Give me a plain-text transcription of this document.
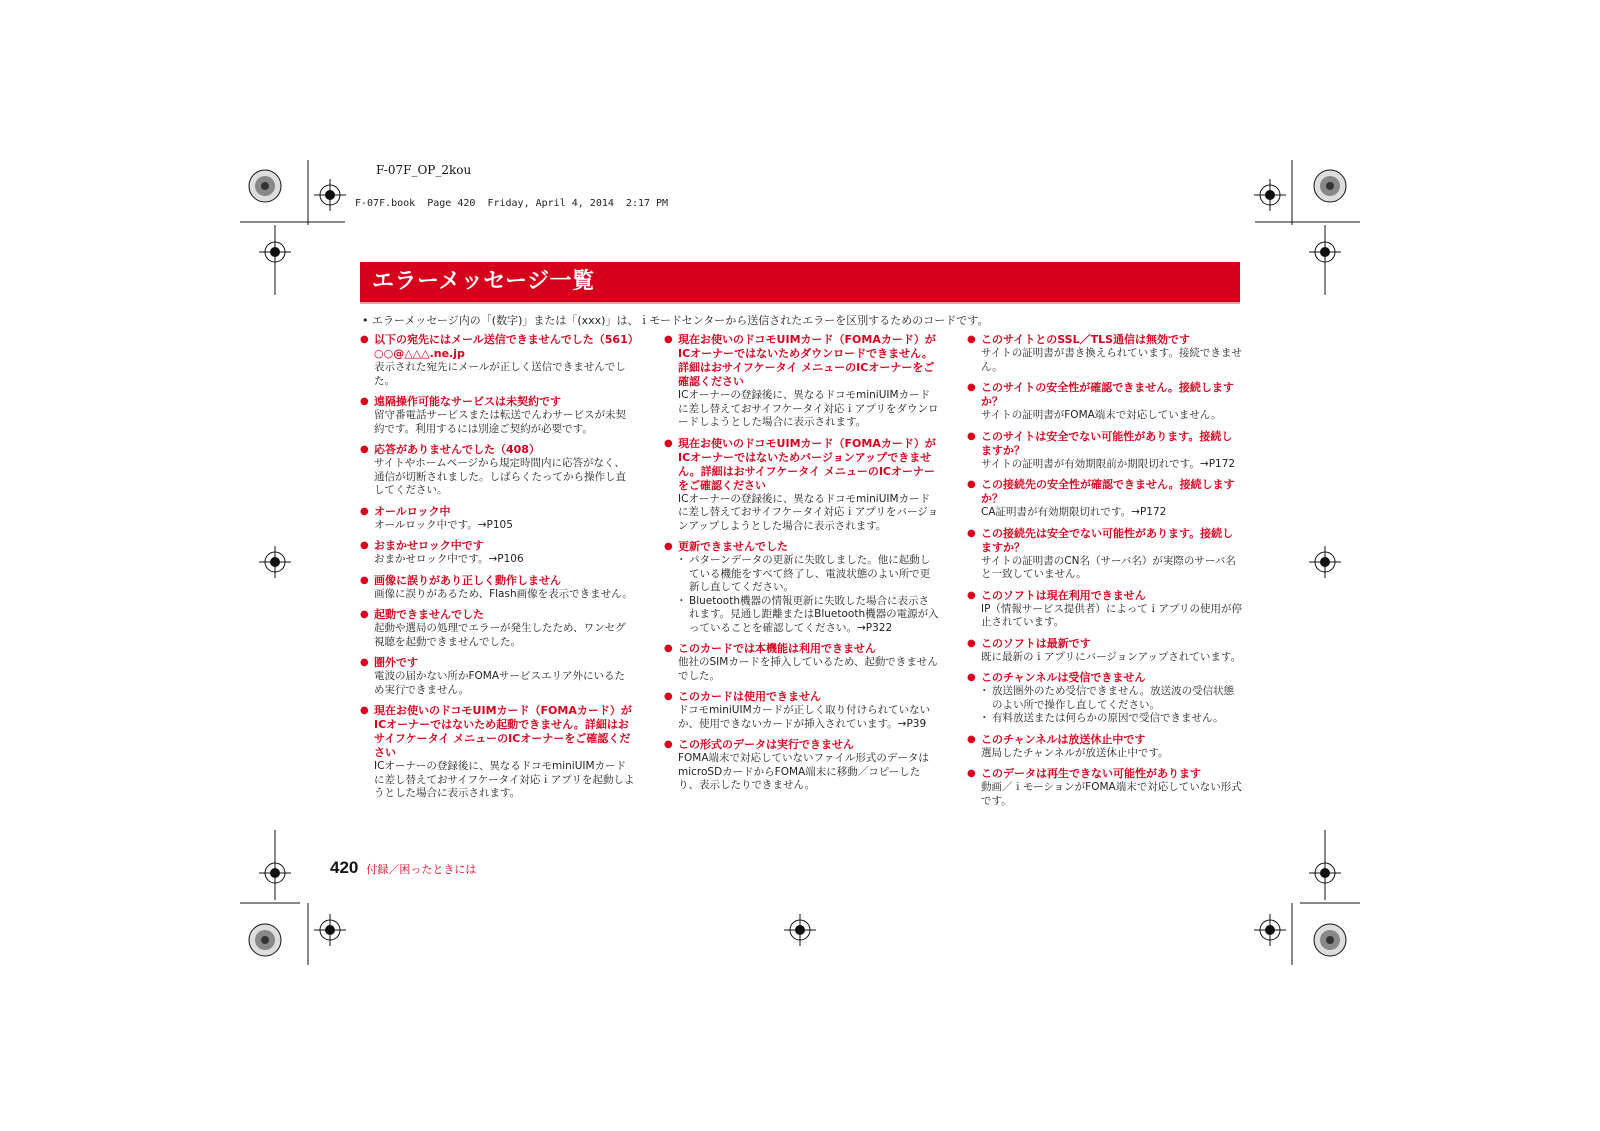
F-07F_OP_2kou
F-07F.book  Page 420  Friday, April 4, 2014  2:17 PM
エラーメッセージ一覧
• エラーメッセージ内の「(数字)」または「(xxx)」は、ｉモードセンターから送信されたエラーを区別するためのコードです。
● 以下の宛先にはメール送信できませんでした（561）○○@△△△.ne.jp
表示された宛先にメールが正しく送信できませんでした。
● 遠隔操作可能なサービスは未契約です
留守番電話サービスまたは転送でんわサービスが未契約です。利用するには別途ご契約が必要です。
● 応答がありませんでした（408）
サイトやホームページから規定時間内に応答がなく、通信が切断されました。しばらくたってから操作し直してください。
● オールロック中
オールロック中です。→P105
● おまかせロック中です
おまかせロック中です。→P106
● 画像に誤りがあり正しく動作しません
画像に誤りがあるため、Flash画像を表示できません。
● 起動できませんでした
起動や選局の処理でエラーが発生したため、ワンセグ視聴を起動できませんでした。
● 圏外です
電波の届かない所かFOMAサービスエリア外にいるため実行できません。
● 現在お使いのドコモUIMカード（FOMAカード）がICオーナーではないため起動できません。詳細はおサイフケータイ メニューのICオーナーをご確認ください
ICオーナーの登録後に、異なるドコモminiUIMカードに差し替えておサイフケータイ対応ｉアプリを起動しようとした場合に表示されます。
● 現在お使いのドコモUIMカード（FOMAカード）がICオーナーではないためダウンロードできません。詳細はおサイフケータイ メニューのICオーナーをご確認ください
ICオーナーの登録後に、異なるドコモminiUIMカードに差し替えておサイフケータイ対応ｉアプリをダウンロードしようとした場合に表示されます。
● 現在お使いのドコモUIMカード（FOMAカード）がICオーナーではないためバージョンアップできません。詳細はおサイフケータイ メニューのICオーナーをご確認ください
ICオーナーの登録後に、異なるドコモminiUIMカードに差し替えておサイフケータイ対応ｉアプリをバージョンアップしようとした場合に表示されます。
● 更新できませんでした
・ パターンデータの更新に失敗しました。他に起動している機能をすべて終了し、電波状態のよい所で更新し直してください。
・ Bluetooth機器の情報更新に失敗した場合に表示されます。見通し距離またはBluetooth機器の電源が入っていることを確認してください。→P322
● このカードでは本機能は利用できません
他社のSIMカードを挿入しているため、起動できませんでした。
● このカードは使用できません
ドコモminiUIMカードが正しく取り付けられていないか、使用できないカードが挿入されています。→P39
● この形式のデータは実行できません
FOMA端末で対応していないファイル形式のデータはmicroSDカードからFOMA端末に移動／コピーしたり、表示したりできません。
● このサイトとのSSL／TLS通信は無効です
サイトの証明書が書き換えられています。接続できません。
● このサイトの安全性が確認できません。接続しますか？
サイトの証明書がFOMA端末で対応していません。
● このサイトは安全でない可能性があります。接続しますか？
サイトの証明書が有効期限前か期限切れです。→P172
● この接続先の安全性が確認できません。接続しますか？
CA証明書が有効期限切れです。→P172
● この接続先は安全でない可能性があります。接続しますか？
サイトの証明書のCN名（サーバ名）が実際のサーバ名と一致していません。
● このソフトは現在利用できません
IP（情報サービス提供者）によってｉアプリの使用が停止されています。
● このソフトは最新です
既に最新のｉアプリにバージョンアップされています。
● このチャンネルは受信できません
・ 放送圏外のため受信できません。放送波の受信状態のよい所で操作し直してください。
・ 有料放送または何らかの原因で受信できません。
● このチャンネルは放送休止中です
選局したチャンネルが放送休止中です。
● このデータは再生できない可能性があります
動画／ｉモーションがFOMA端末で対応していない形式です。
420 付録／困ったときには
